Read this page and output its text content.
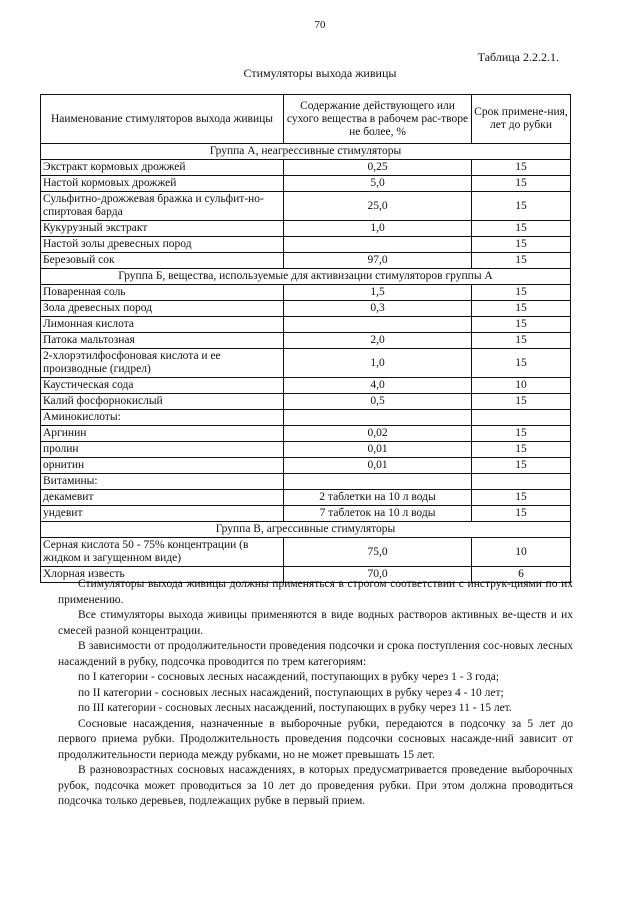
70
Таблица 2.2.2.1.
Стимуляторы выхода живицы
Наименование стимуляторов выхода живицы	Содержание действующего или сухого вещества в рабочем рас-творе не более, %	Срок примене-ния, лет до рубки
Группа А, неагрессивные стимуляторы		
Экстракт кормовых дрожжей	0,25	15
Настой кормовых дрожжей	5,0	15
Сульфитно-дрожжевая бражка и сульфит-но-спиртовая барда	25,0	15
Кукурузный экстракт	1,0	15
Настой золы древесных пород		15
Березовый сок	97,0	15
Группа Б, вещества, используемые для активизации стимуляторов группы А		
Поваренная соль	1,5	15
Зола древесных пород	0,3	15
Лимонная кислота		15
Патока мальтозная	2,0	15
2-хлорэтилфосфоновая кислота и ее производные (гидрел)	1,0	15
Каустическая сода	4,0	10
Калий фосфорнокислый	0,5	15
Аминокислоты:		
Аргинин	0,02	15
пролин	0,01	15
орнитин	0,01	15
Витамины:		
декамевит	2 таблетки на 10 л воды	15
ундевит	7 таблеток на 10 л воды	15
Группа В, агрессивные стимуляторы		
Серная кислота 50 - 75% концентрации (в жидком и загущенном виде)	75,0	10
Хлорная известь	70,0	6

Стимуляторы выхода живицы должны применяться в строгом соответствии с инструк-циями по их применению.

Все стимуляторы выхода живицы применяются в виде водных растворов активных ве-ществ и их смесей разной концентрации.

В зависимости от продолжительности проведения подсочки и срока поступления сос-новых лесных насаждений в рубку, подсочка проводится по трем категориям:

по I категории - сосновых лесных насаждений, поступающих в рубку через 1 - 3 года;

по II категории - сосновых лесных насаждений, поступающих в рубку через 4 - 10 лет;

по III категории - сосновых лесных насаждений, поступающих в рубку через 11 - 15 лет.

Сосновые насаждения, назначенные в выборочные рубки, передаются в подсочку за 5 лет до первого приема рубки. Продолжительность проведения подсочки сосновых насажде-ний зависит от продолжительности периода между рубками, но не может превышать 15 лет.

В разновозрастных сосновых насаждениях, в которых предусматривается проведение выборочных рубок, подсочка может проводиться за 10 лет до проведения рубки. При этом должна проводиться подсочка только деревьев, подлежащих рубке в первый прием.
